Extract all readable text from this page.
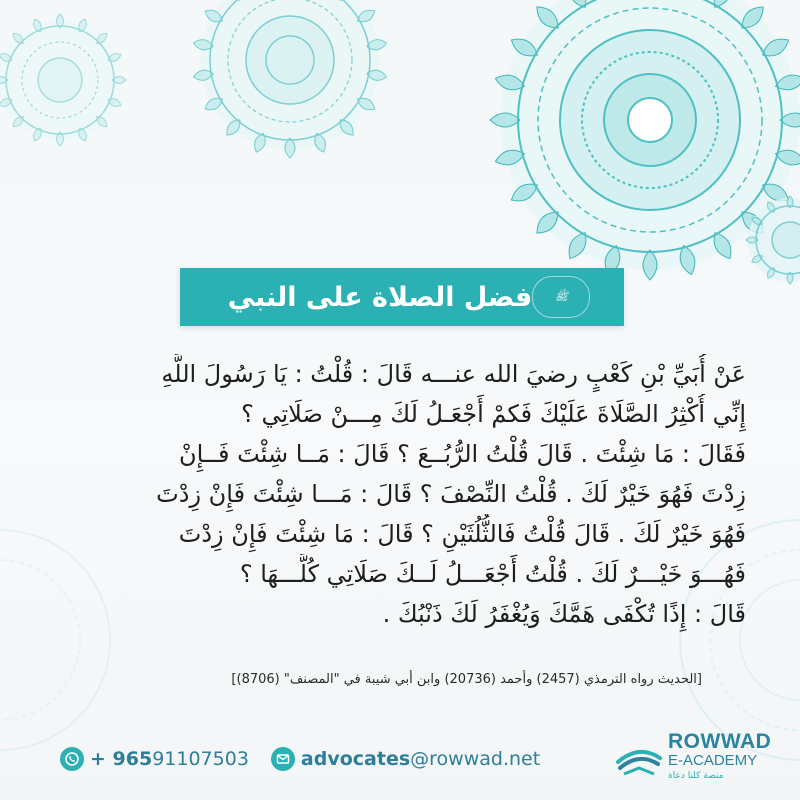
ﷺ
فضل الصلاة على النبي
عَنْ أُبَيِّ بْنِ كَعْبٍ رضيَ الله عنـــه قَالَ : قُلْتُ : يَا رَسُولَ اللَّهِ
إِنِّي أُكْثِرُ الصَّلَاةَ عَلَيْكَ فَكمْ أَجْعَـلُ لَكَ مِـــنْ صَلَاتِي ؟
فَقَالَ : مَا شِئْتَ . قَالَ قُلْتُ الرُّبُــعَ ؟ قَالَ : مَــا شِئْتَ فَــإِنْ
زِدْتَ فَهُوَ خَيْرٌ لَكَ . قُلْتُ النِّصْفَ ؟ قَالَ : مَـــا شِئْتَ فَإِنْ زِدْتَ
فَهُوَ خَيْرٌ لَكَ . قَالَ قُلْتُ فَالثُّلُثَيْنِ ؟ قَالَ : مَا شِئْتَ فَإِنْ زِدْتَ
فَهُـــوَ خَيْـــرٌ لَكَ . قُلْتُ أَجْعَـــلُ لَــكَ صَلَاتِي كُلَّـــهَا ؟
قَالَ : إِذًا تُكْفَى هَمَّكَ وَيُغْفَرُ لَكَ ذَنْبُكَ .
[الحديث رواه الترمذي (2457) وأحمد (20736) وابن أبي شيبة في "المصنف" (8706)]
+ 96591107503	advocates@rowwad.net
ROWWAD
E-ACADEMY
منصة كلنا دعاة
